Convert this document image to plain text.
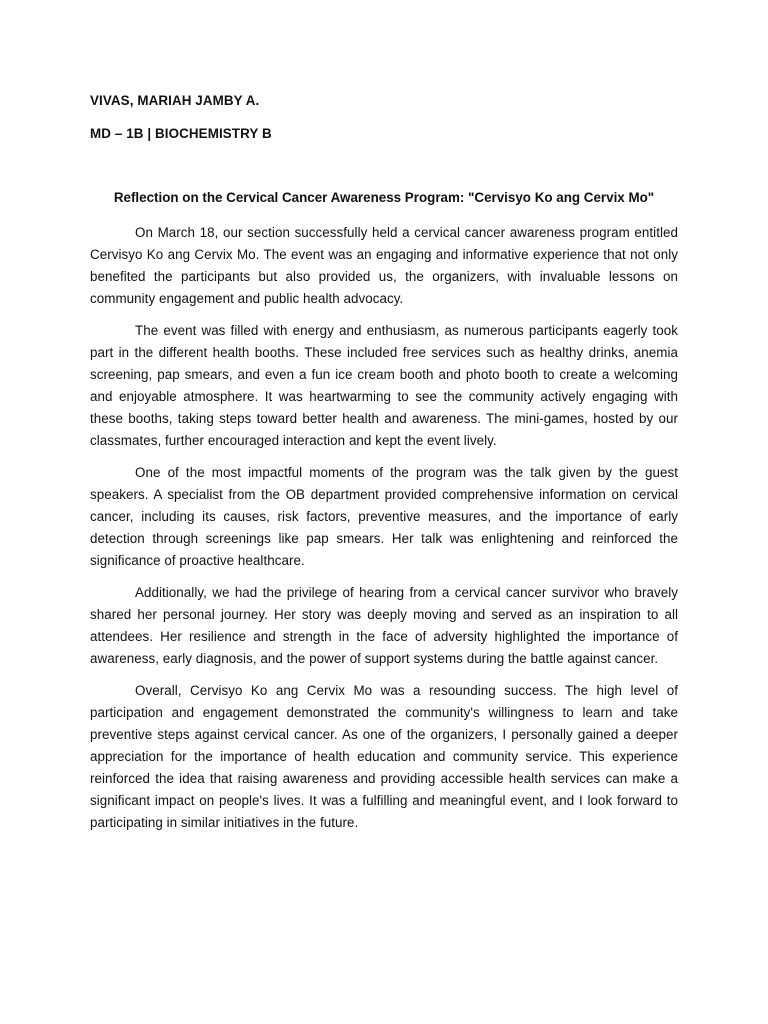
VIVAS, MARIAH JAMBY A.

MD – 1B | BIOCHEMISTRY B

Reflection on the Cervical Cancer Awareness Program: "Cervisyo Ko ang Cervix Mo"

On March 18, our section successfully held a cervical cancer awareness program entitled Cervisyo Ko ang Cervix Mo. The event was an engaging and informative experience that not only benefited the participants but also provided us, the organizers, with invaluable lessons on community engagement and public health advocacy.

The event was filled with energy and enthusiasm, as numerous participants eagerly took part in the different health booths. These included free services such as healthy drinks, anemia screening, pap smears, and even a fun ice cream booth and photo booth to create a welcoming and enjoyable atmosphere. It was heartwarming to see the community actively engaging with these booths, taking steps toward better health and awareness. The mini-games, hosted by our classmates, further encouraged interaction and kept the event lively.

One of the most impactful moments of the program was the talk given by the guest speakers. A specialist from the OB department provided comprehensive information on cervical cancer, including its causes, risk factors, preventive measures, and the importance of early detection through screenings like pap smears. Her talk was enlightening and reinforced the significance of proactive healthcare.

Additionally, we had the privilege of hearing from a cervical cancer survivor who bravely shared her personal journey. Her story was deeply moving and served as an inspiration to all attendees. Her resilience and strength in the face of adversity highlighted the importance of awareness, early diagnosis, and the power of support systems during the battle against cancer.

Overall, Cervisyo Ko ang Cervix Mo was a resounding success. The high level of participation and engagement demonstrated the community's willingness to learn and take preventive steps against cervical cancer. As one of the organizers, I personally gained a deeper appreciation for the importance of health education and community service. This experience reinforced the idea that raising awareness and providing accessible health services can make a significant impact on people's lives. It was a fulfilling and meaningful event, and I look forward to participating in similar initiatives in the future.
